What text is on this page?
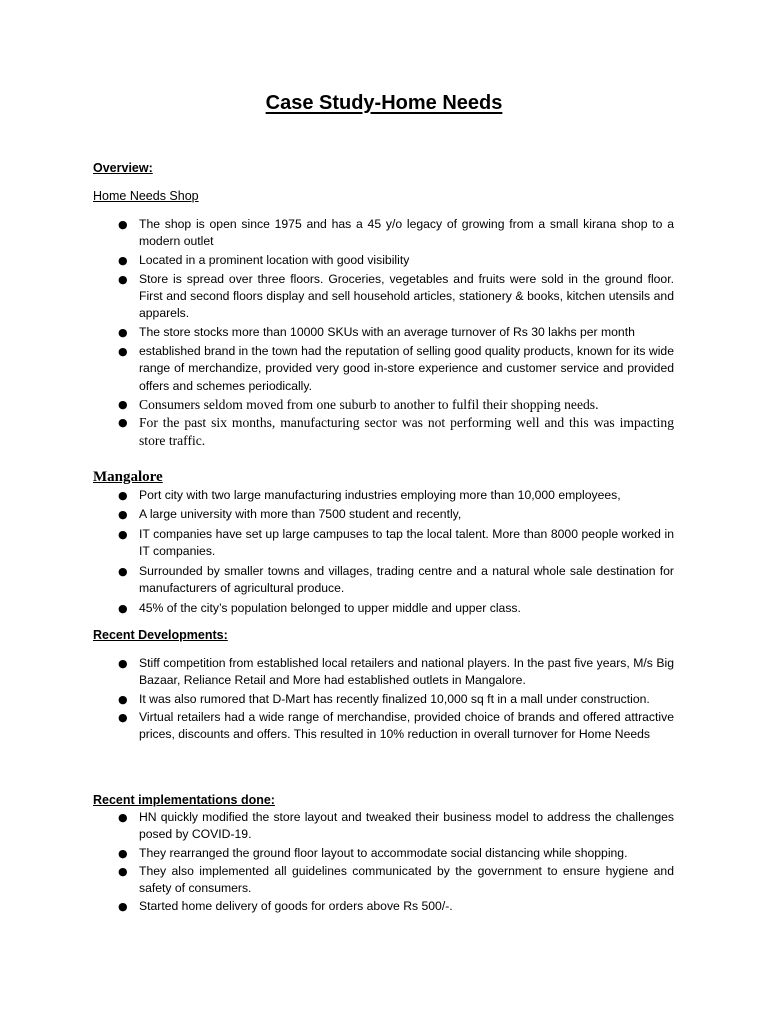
Case Study-Home Needs
Overview:
Home Needs Shop
● The shop is open since 1975 and has a 45 y/o legacy of growing from a small kirana shop to a modern outlet
● Located in a prominent location with good visibility
● Store is spread over three floors. Groceries, vegetables and fruits were sold in the ground floor. First and second floors display and sell household articles, stationery & books, kitchen utensils and apparels.
● The store stocks more than 10000 SKUs with an average turnover of Rs 30 lakhs per month
● established brand in the town had the reputation of selling good quality products, known for its wide range of merchandize, provided very good in-store experience and customer service and provided offers and schemes periodically.
● Consumers seldom moved from one suburb to another to fulfil their shopping needs.
● For the past six months, manufacturing sector was not performing well and this was impacting store traffic.
Mangalore
● Port city with two large manufacturing industries employing more than 10,000 employees,
● A large university with more than 7500 student and recently,
● IT companies have set up large campuses to tap the local talent. More than 8000 people worked in IT companies.
● Surrounded by smaller towns and villages, trading centre and a natural whole sale destination for manufacturers of agricultural produce.
● 45% of the city’s population belonged to upper middle and upper class.
Recent Developments:
● Stiff competition from established local retailers and national players. In the past five years, M/s Big Bazaar, Reliance Retail and More had established outlets in Mangalore.
● It was also rumored that D-Mart has recently finalized 10,000 sq ft in a mall under construction.
● Virtual retailers had a wide range of merchandise, provided choice of brands and offered attractive prices, discounts and offers. This resulted in 10% reduction in overall turnover for Home Needs
Recent implementations done:
● HN quickly modified the store layout and tweaked their business model to address the challenges posed by COVID-19.
● They rearranged the ground floor layout to accommodate social distancing while shopping.
● They also implemented all guidelines communicated by the government to ensure hygiene and safety of consumers.
● Started home delivery of goods for orders above Rs 500/-.
